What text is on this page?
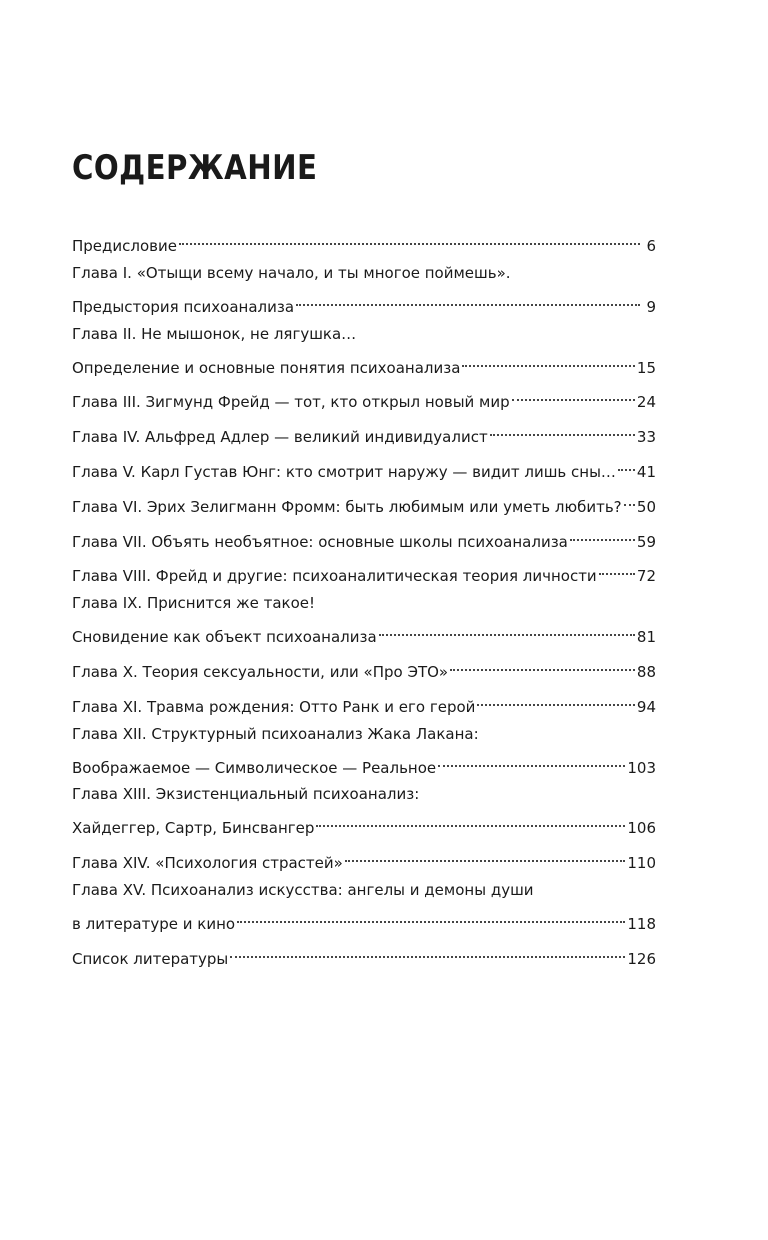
СОДЕРЖАНИЕ
Предисловие	6
Глава I. «Отыщи всему начало, и ты многое поймешь».
Предыстория психоанализа	9
Глава II. Не мышонок, не лягушка…
Определение и основные понятия психоанализа	15
Глава III. Зигмунд Фрейд — тот, кто открыл новый мир	24
Глава IV. Альфред Адлер — великий индивидуалист	33
Глава V. Карл Густав Юнг: кто смотрит наружу — видит лишь сны… 41
Глава VI. Эрих Зелигманн Фромм: быть любимым или уметь любить? 50
Глава VII. Объять необъятное: основные школы психоанализа	59
Глава VIII. Фрейд и другие: психоаналитическая теория личности	72
Глава IX. Приснится же такое!
Сновидение как объект психоанализа	81
Глава X. Теория сексуальности, или «Про ЭТО»	88
Глава XI. Травма рождения: Отто Ранк и его герой	94
Глава XII. Структурный психоанализ Жака Лакана:
Воображаемое — Символическое — Реальное	103
Глава XIII. Экзистенциальный психоанализ:
Хайдеггер, Сартр, Бинсвангер	106
Глава XIV. «Психология страстей»	110
Глава XV. Психоанализ искусства: ангелы и демоны души
в литературе и кино	118
Список литературы	126
